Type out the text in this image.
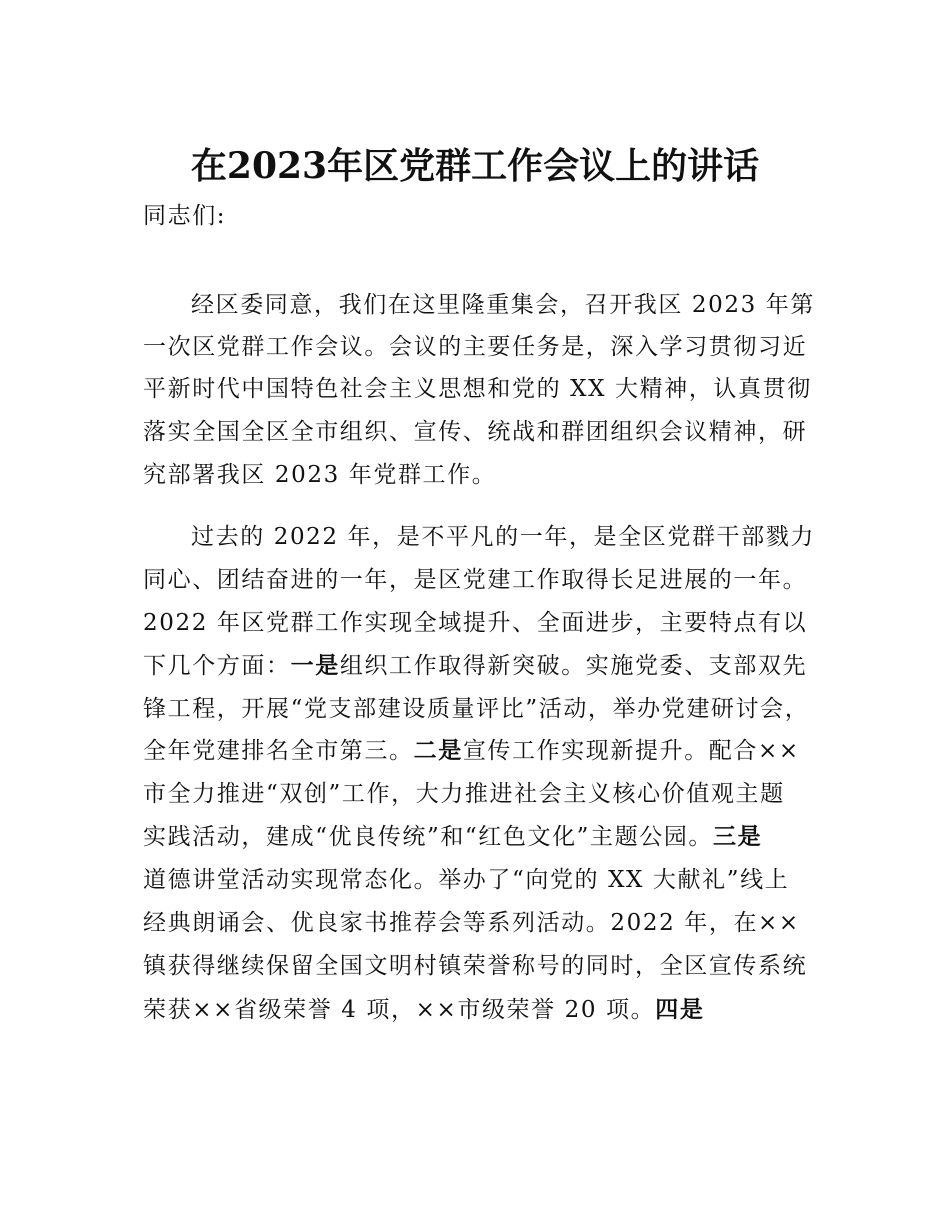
在2023年区党群工作会议上的讲话
同志们:
经区委同意，我们在这里隆重集会，召开我区 2023 年第
一次区党群工作会议。会议的主要任务是，深入学习贯彻习近
平新时代中国特色社会主义思想和党的 XX 大精神，认真贯彻
落实全国全区全市组织、宣传、统战和群团组织会议精神，研
究部署我区 2023 年党群工作。
过去的 2022 年，是不平凡的一年，是全区党群干部戮力
同心、团结奋进的一年，是区党建工作取得长足进展的一年。
2022 年区党群工作实现全域提升、全面进步，主要特点有以
下几个方面：一是组织工作取得新突破。实施党委、支部双先
锋工程，开展“党支部建设质量评比”活动，举办党建研讨会，
全年党建排名全市第三。二是宣传工作实现新提升。配合××
市全力推进“双创”工作，大力推进社会主义核心价值观主题
实践活动，建成“优良传统”和“红色文化”主题公园。三是
道德讲堂活动实现常态化。举办了“向党的 XX 大献礼”线上
经典朗诵会、优良家书推荐会等系列活动。2022 年，在××
镇获得继续保留全国文明村镇荣誉称号的同时，全区宣传系统
荣获××省级荣誉 4 项，××市级荣誉 20 项。四是
